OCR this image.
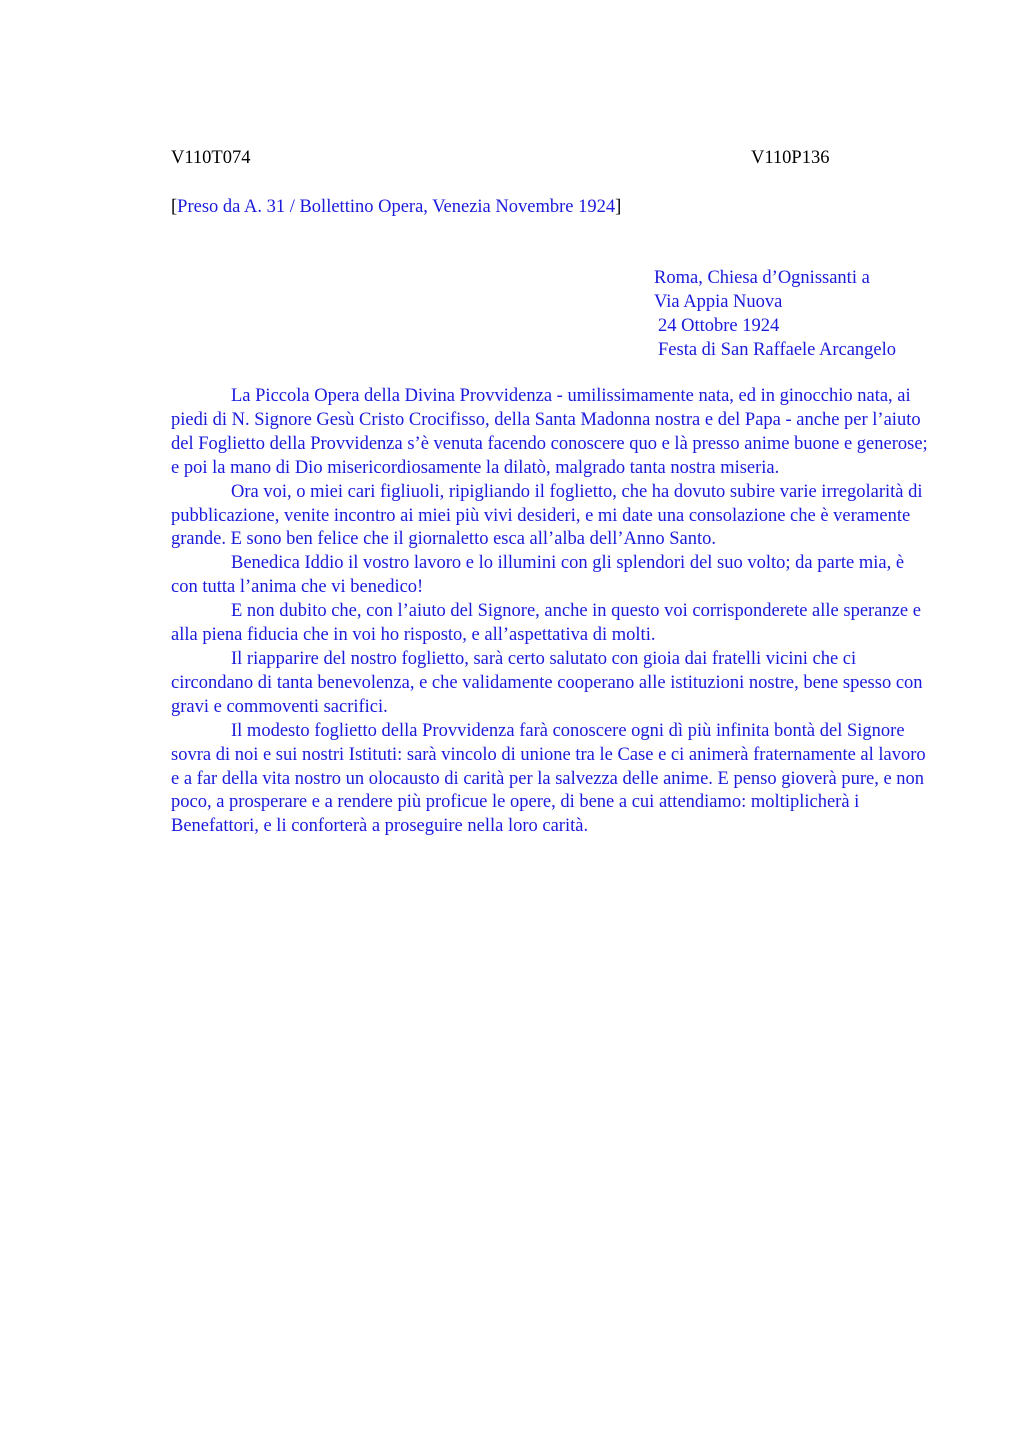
V110T074	V110P136
[Preso da A. 31 / Bollettino Opera, Venezia Novembre 1924]
Roma, Chiesa d’Ognissanti a
Via Appia Nuova
24 Ottobre 1924
Festa di San Raffaele Arcangelo

La Piccola Opera della Divina Provvidenza - umilissimamente nata, ed in ginocchio nata, ai piedi di N. Signore Gesù Cristo Crocifisso, della Santa Madonna nostra e del Papa - anche per l’aiuto del Foglietto della Provvidenza s’è venuta facendo conoscere quo e là presso anime buone e generose; e poi la mano di Dio misericordiosamente la dilatò, malgrado tanta nostra miseria.

Ora voi, o miei cari figliuoli, ripigliando il foglietto, che ha dovuto subire varie irregolarità di pubblicazione, venite incontro ai miei più vivi desideri, e mi date una consolazione che è veramente grande. E sono ben felice che il giornaletto esca all’alba dell’Anno Santo.

Benedica Iddio il vostro lavoro e lo illumini con gli splendori del suo volto; da parte mia, è con tutta l’anima che vi benedico!

E non dubito che, con l’aiuto del Signore, anche in questo voi corrisponderete alle speranze e alla piena fiducia che in voi ho risposto, e all’aspettativa di molti.

Il riapparire del nostro foglietto, sarà certo salutato con gioia dai fratelli vicini che ci circondano di tanta benevolenza, e che validamente cooperano alle istituzioni nostre, bene spesso con gravi e commoventi sacrifici.

Il modesto foglietto della Provvidenza farà conoscere ogni dì più infinita bontà del Signore sovra di noi e sui nostri Istituti: sarà vincolo di unione tra le Case e ci animerà fraternamente al lavoro e a far della vita nostro un olocausto di carità per la salvezza delle anime. E penso gioverà pure, e non poco, a prosperare e a rendere più proficue le opere, di bene a cui attendiamo: moltiplicherà i Benefattori, e li conforterà a proseguire nella loro carità.
